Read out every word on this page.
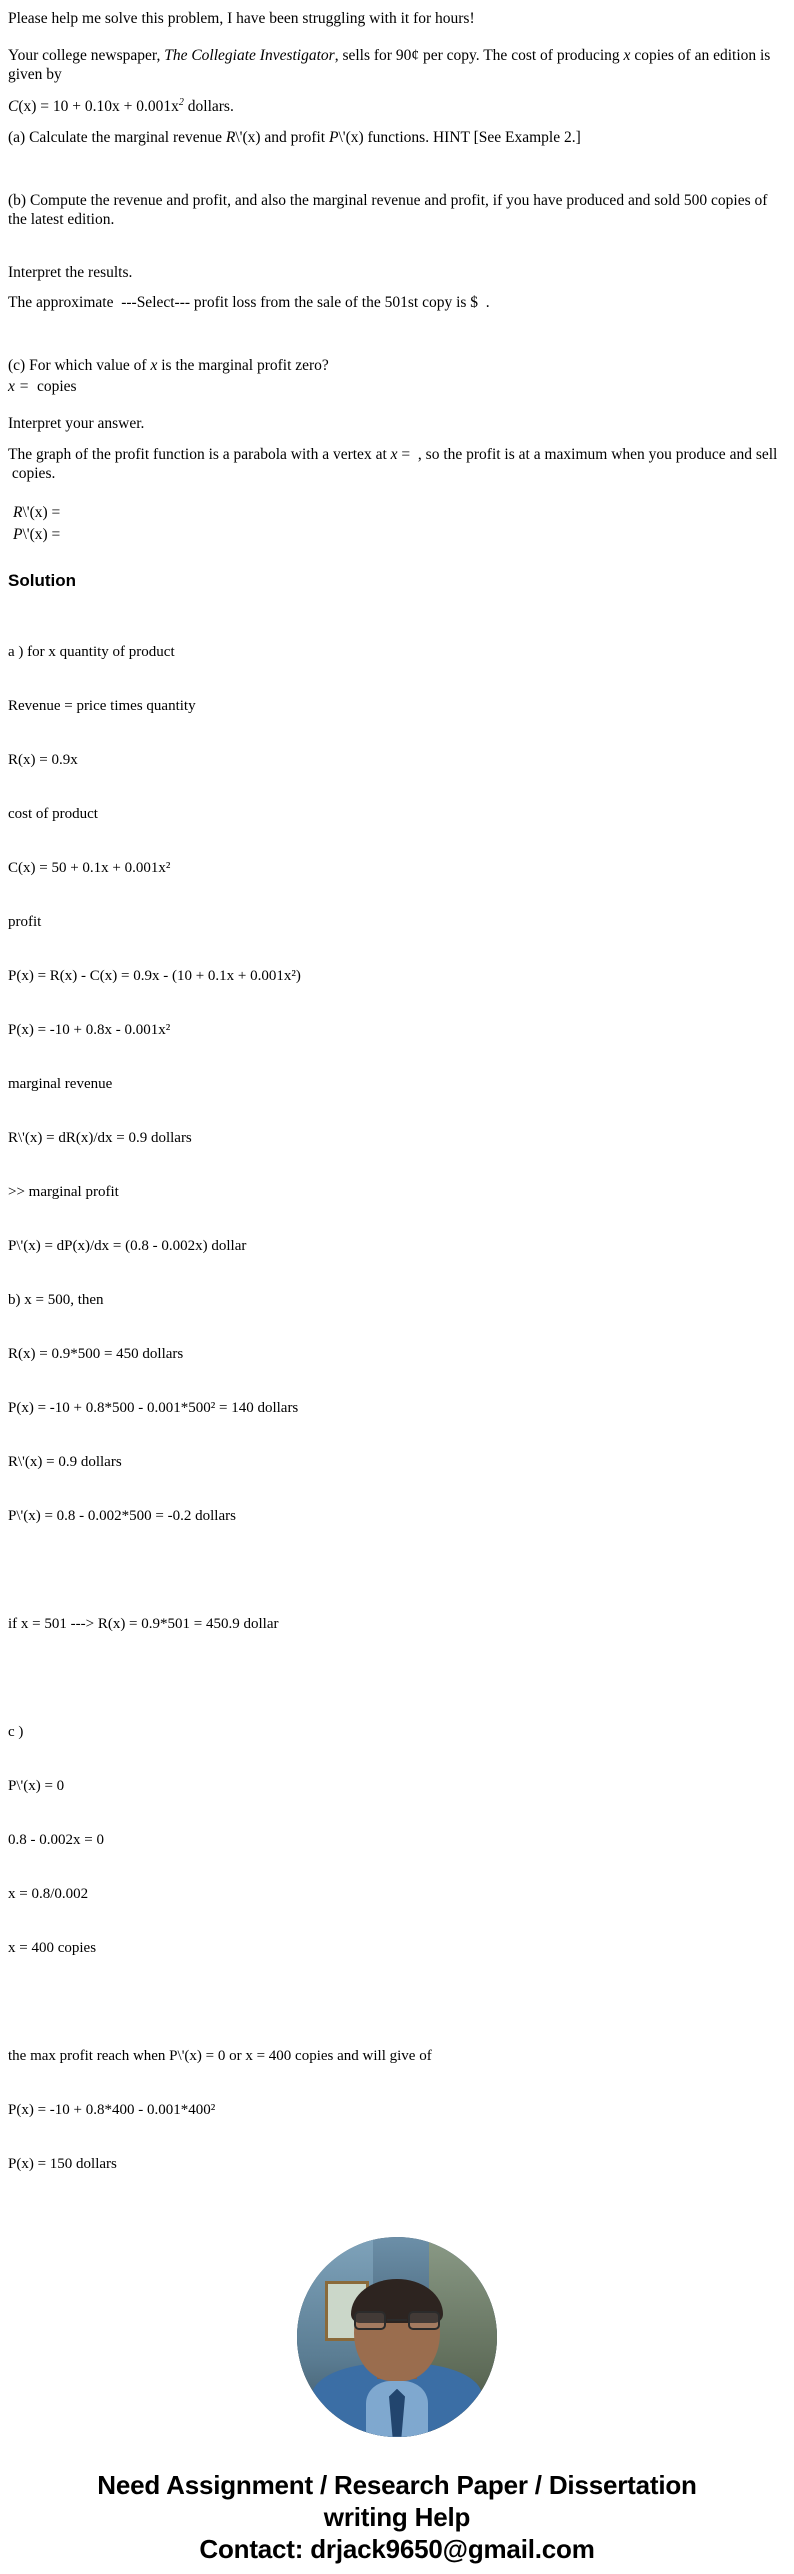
Please help me solve this problem, I have been struggling with it for hours!

Your college newspaper, The Collegiate Investigator, sells for 90¢ per copy. The cost of producing x copies of an edition is given by

$C(x) = 10 + 0.10x + 0.001x^2$ dollars.

(a) Calculate the marginal revenue R\'(x) and profit P\'(x) functions. HINT [See Example 2.]

(b) Compute the revenue and profit, and also the marginal revenue and profit, if you have produced and sold 500 copies of the latest edition.

Interpret the results.

The approximate ---Select--- profit loss from the sale of the 501st copy is $ .

(c) For which value of x is the marginal profit zero?

x = copies

Interpret your answer.

The graph of the profit function is a parabola with a vertex at x = , so the profit is at a maximum when you produce and sell  copies.

R\'(x) =
P\'(x) =
Solution

a ) for x quantity of product

Revenue = price times quantity

R(x) = 0.9x

cost of product

C(x) = 50 + 0.1x + 0.001x²

profit

P(x) = R(x) - C(x) = 0.9x - (10 + 0.1x + 0.001x²)

P(x) = -10 + 0.8x - 0.001x²

marginal revenue

R\'(x) = dR(x)/dx = 0.9 dollars

>> marginal profit

P\'(x) = dP(x)/dx = (0.8 - 0.002x) dollar

b) x = 500, then

R(x) = 0.9*500 = 450 dollars

P(x) = -10 + 0.8*500 - 0.001*500² = 140 dollars

R\'(x) = 0.9 dollars

P\'(x) = 0.8 - 0.002*500 = -0.2 dollars

if x = 501 ---> R(x) = 0.9*501 = 450.9 dollar

c )

P\'(x) = 0

0.8 - 0.002x = 0

x = 0.8/0.002

x = 400 copies

the max profit reach when P\'(x) = 0 or x = 400 copies and will give of

P(x) = -10 + 0.8*400 - 0.001*400²

P(x) = 150 dollars

Need Assignment / Research Paper / Dissertation
writing Help
Contact: drjack9650@gmail.com
